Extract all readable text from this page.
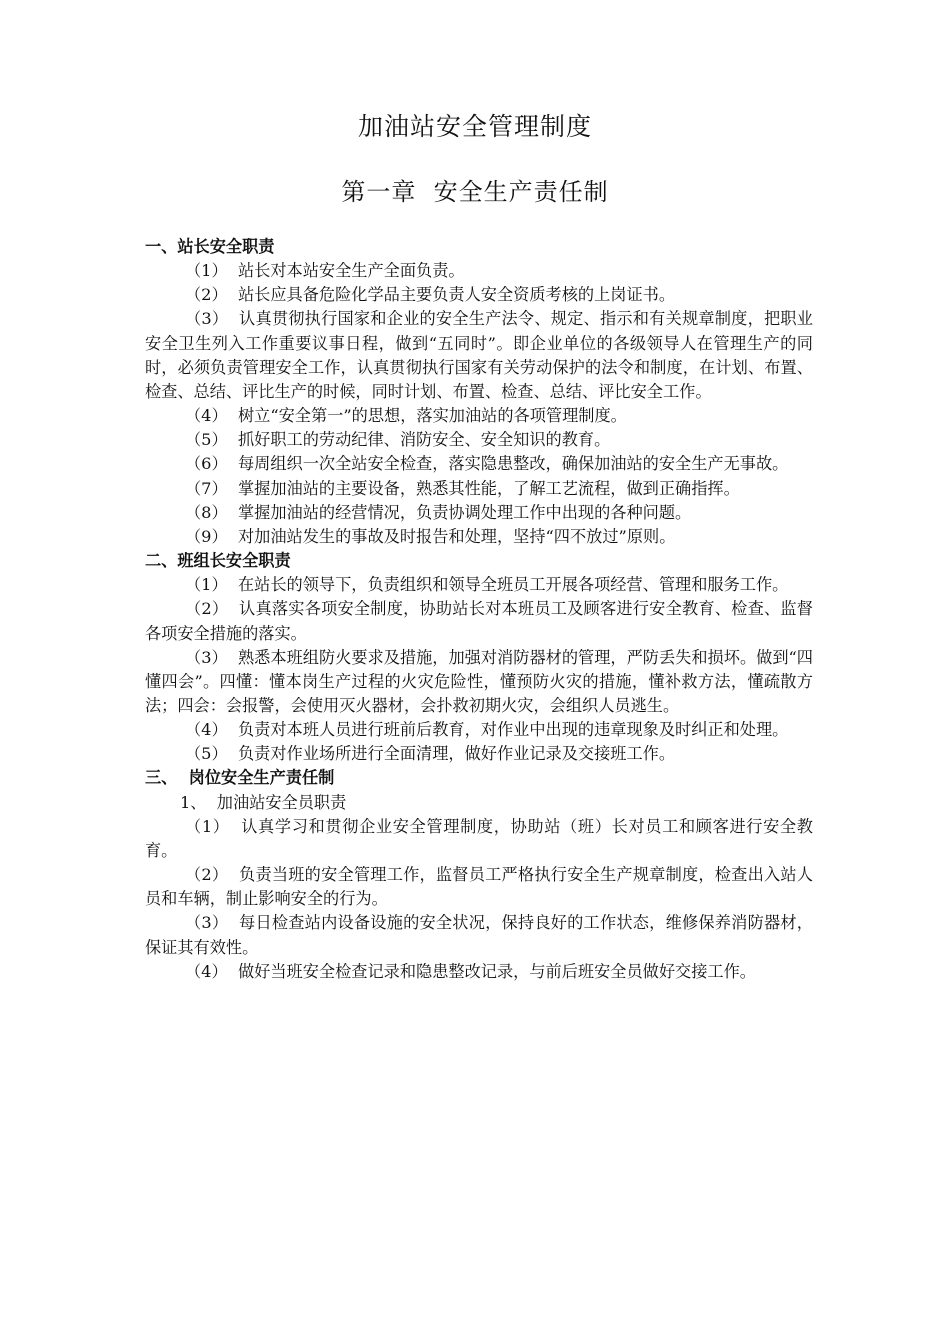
加油站安全管理制度
第一章  安全生产责任制

一、站长安全职责

（1）  站长对本站安全生产全面负责。

（2）  站长应具备危险化学品主要负责人安全资质考核的上岗证书。

（3）  认真贯彻执行国家和企业的安全生产法令、规定、指示和有关规章制度，把职业安全卫生列入工作重要议事日程，做到“五同时”。即企业单位的各级领导人在管理生产的同时，必须负责管理安全工作，认真贯彻执行国家有关劳动保护的法令和制度，在计划、布置、检查、总结、评比生产的时候，同时计划、布置、检查、总结、评比安全工作。

（4）  树立“安全第一”的思想，落实加油站的各项管理制度。

（5）  抓好职工的劳动纪律、消防安全、安全知识的教育。

（6）  每周组织一次全站安全检查，落实隐患整改，确保加油站的安全生产无事故。

（7）  掌握加油站的主要设备，熟悉其性能，了解工艺流程，做到正确指挥。

（8）  掌握加油站的经营情况，负责协调处理工作中出现的各种问题。

（9）  对加油站发生的事故及时报告和处理，坚持“四不放过”原则。

二、班组长安全职责

（1）  在站长的领导下，负责组织和领导全班员工开展各项经营、管理和服务工作。

（2）  认真落实各项安全制度，协助站长对本班员工及顾客进行安全教育、检查、监督各项安全措施的落实。

（3）  熟悉本班组防火要求及措施，加强对消防器材的管理，严防丢失和损坏。做到“四懂四会”。四懂：懂本岗生产过程的火灾危险性，懂预防火灾的措施，懂补救方法，懂疏散方法；四会：会报警，会使用灭火器材，会扑救初期火灾，会组织人员逃生。

（4）  负责对本班人员进行班前后教育，对作业中出现的违章现象及时纠正和处理。

（5）  负责对作业场所进行全面清理，做好作业记录及交接班工作。

三、  岗位安全生产责任制

1、  加油站安全员职责

（1）  认真学习和贯彻企业安全管理制度，协助站（班）长对员工和顾客进行安全教育。

（2）  负责当班的安全管理工作，监督员工严格执行安全生产规章制度，检查出入站人员和车辆，制止影响安全的行为。

（3）  每日检查站内设备设施的安全状况，保持良好的工作状态，维修保养消防器材，保证其有效性。

（4）  做好当班安全检查记录和隐患整改记录，与前后班安全员做好交接工作。
